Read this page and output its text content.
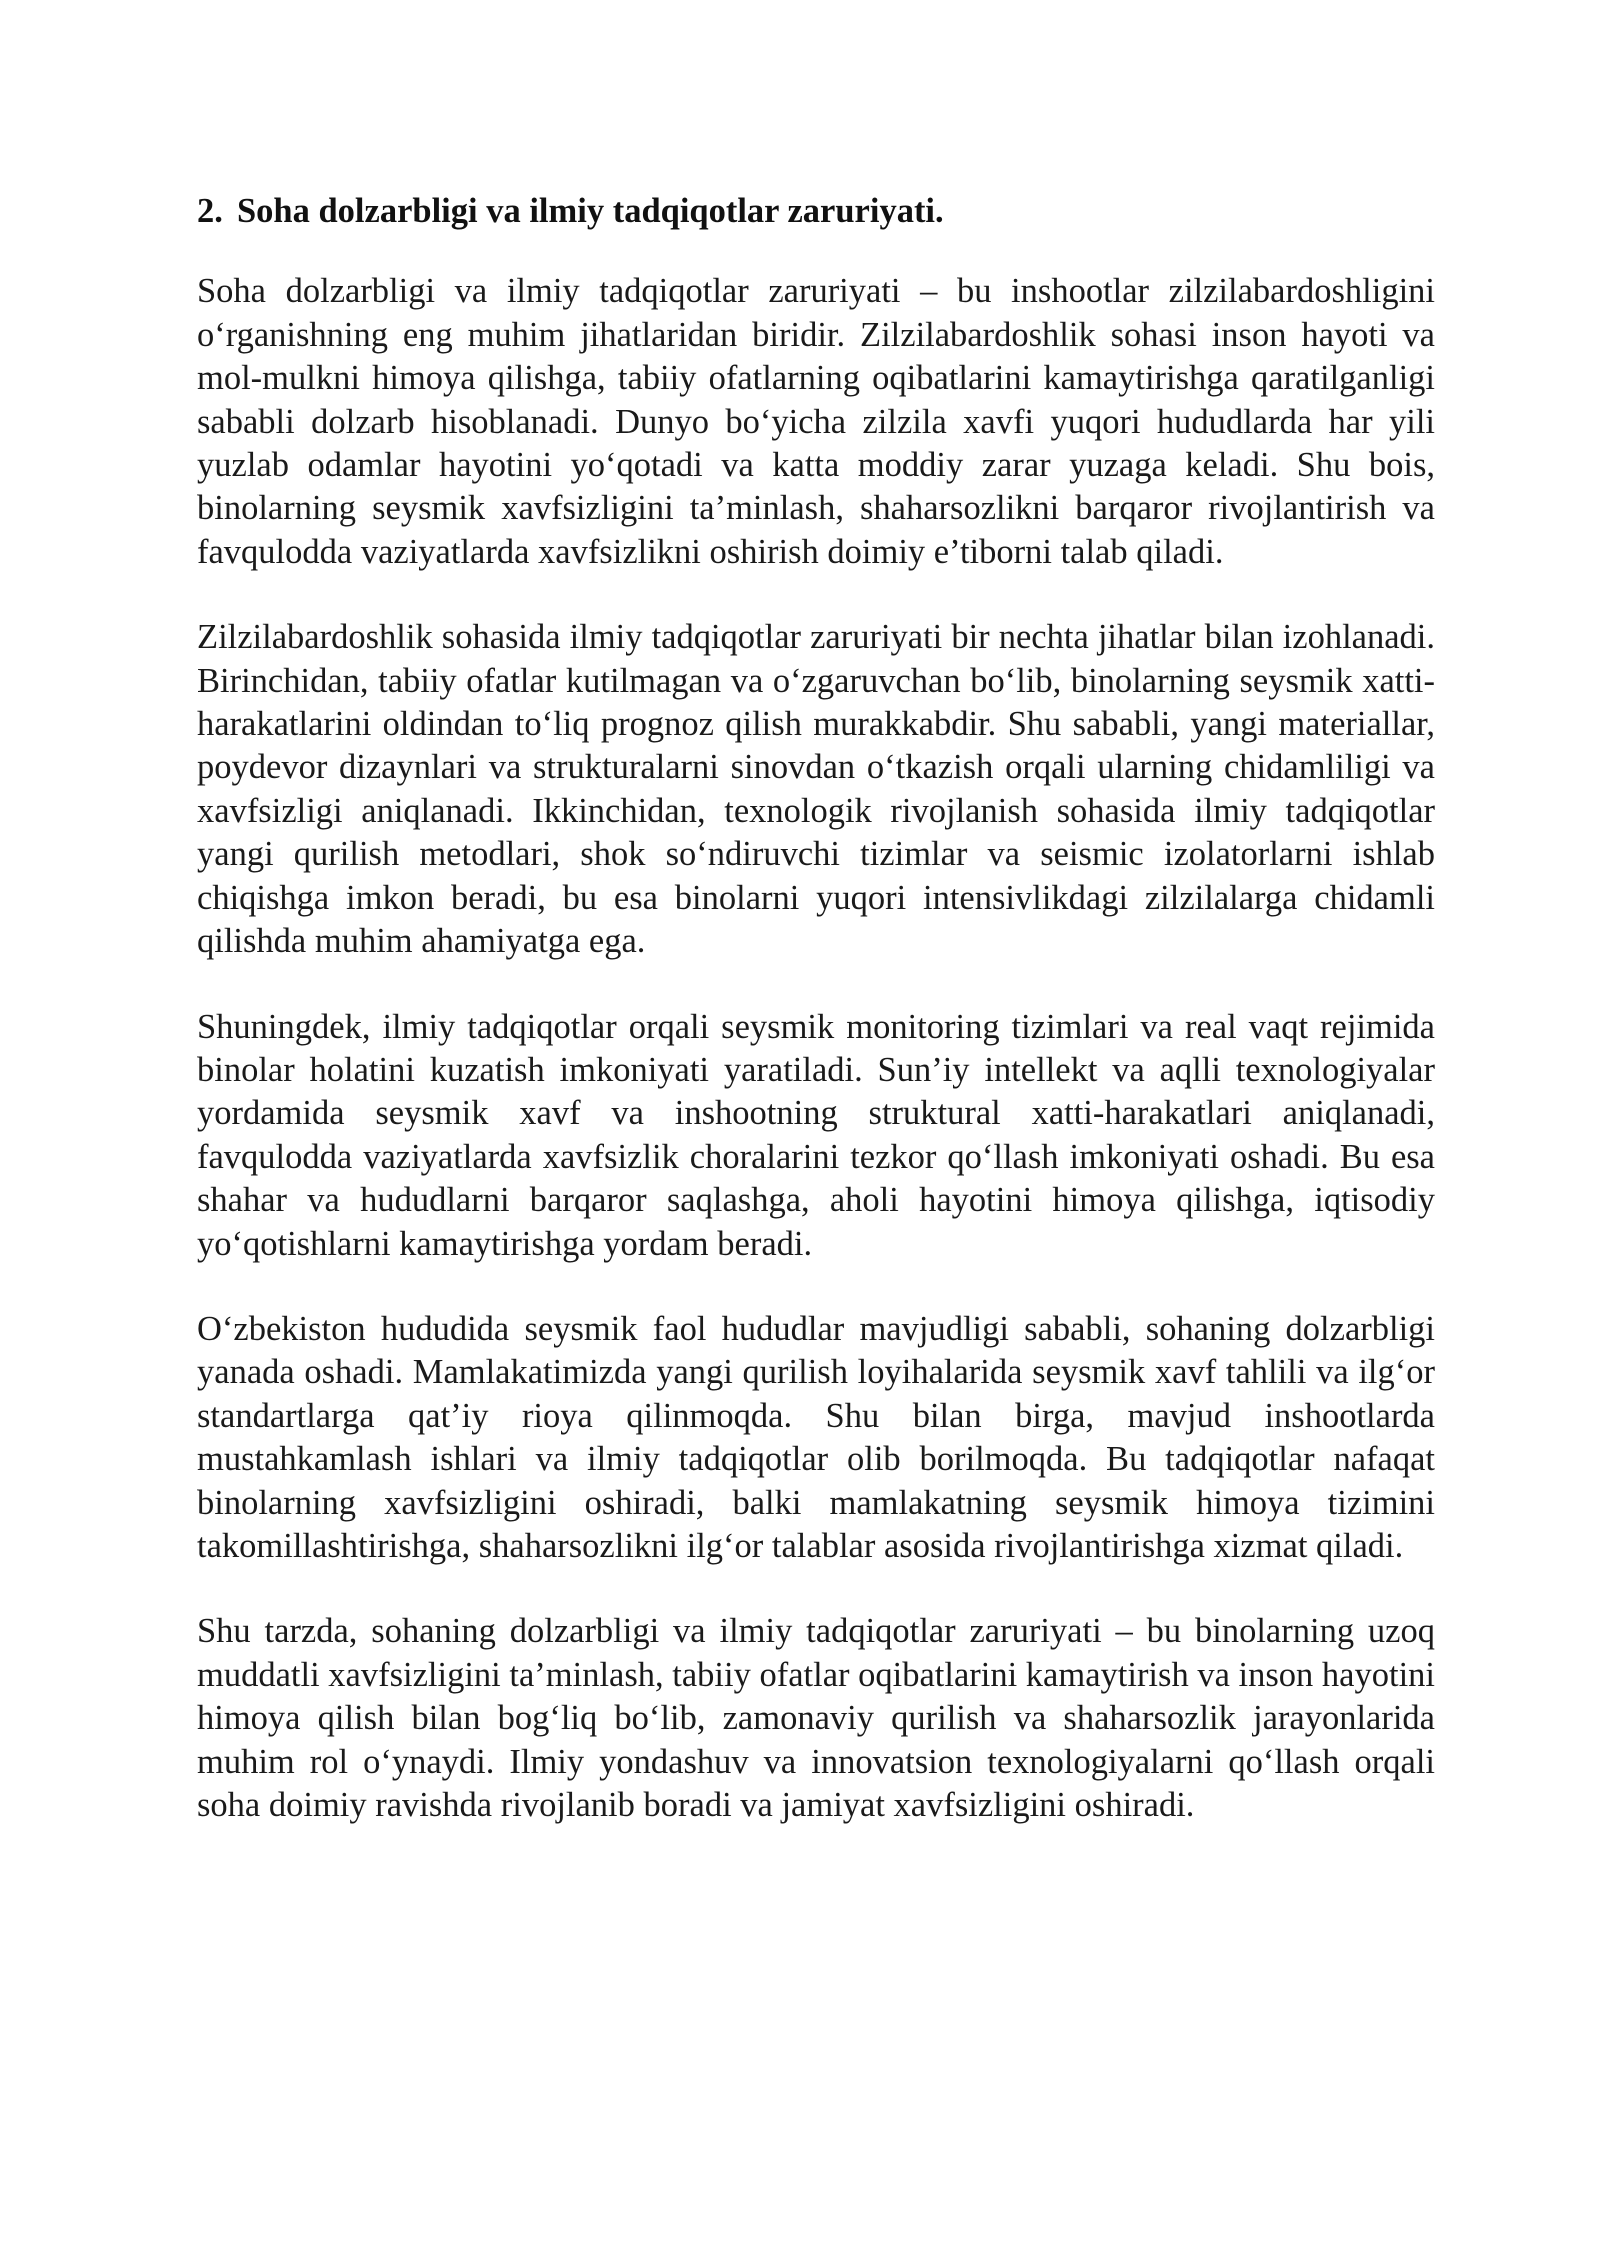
2. Soha dolzarbligi va ilmiy tadqiqotlar zaruriyati.

Soha dolzarbligi va ilmiy tadqiqotlar zaruriyati – bu inshootlar zilzilabardoshligini o‘rganishning eng muhim jihatlaridan biridir. Zilzilabardoshlik sohasi inson hayoti va mol-mulkni himoya qilishga, tabiiy ofatlarning oqibatlarini kamaytirishga qaratilganligi sababli dolzarb hisoblanadi. Dunyo bo‘yicha zilzila xavfi yuqori hududlarda har yili yuzlab odamlar hayotini yo‘qotadi va katta moddiy zarar yuzaga keladi. Shu bois, binolarning seysmik xavfsizligini ta’minlash, shaharsozlikni barqaror rivojlantirish va favqulodda vaziyatlarda xavfsizlikni oshirish doimiy e’tiborni talab qiladi.

Zilzilabardoshlik sohasida ilmiy tadqiqotlar zaruriyati bir nechta jihatlar bilan izohlanadi. Birinchidan, tabiiy ofatlar kutilmagan va o‘zgaruvchan bo‘lib, binolarning seysmik xatti-harakatlarini oldindan to‘liq prognoz qilish murakkabdir. Shu sababli, yangi materiallar, poydevor dizaynlari va strukturalarni sinovdan o‘tkazish orqali ularning chidamliligi va xavfsizligi aniqlanadi. Ikkinchidan, texnologik rivojlanish sohasida ilmiy tadqiqotlar yangi qurilish metodlari, shok so‘ndiruvchi tizimlar va seismic izolatorlarni ishlab chiqishga imkon beradi, bu esa binolarni yuqori intensivlikdagi zilzilalarga chidamli qilishda muhim ahamiyatga ega.

Shuningdek, ilmiy tadqiqotlar orqali seysmik monitoring tizimlari va real vaqt rejimida binolar holatini kuzatish imkoniyati yaratiladi. Sun’iy intellekt va aqlli texnologiyalar yordamida seysmik xavf va inshootning struktural xatti-harakatlari aniqlanadi, favqulodda vaziyatlarda xavfsizlik choralarini tezkor qo‘llash imkoniyati oshadi. Bu esa shahar va hududlarni barqaror saqlashga, aholi hayotini himoya qilishga, iqtisodiy yo‘qotishlarni kamaytirishga yordam beradi.

O‘zbekiston hududida seysmik faol hududlar mavjudligi sababli, sohaning dolzarbligi yanada oshadi. Mamlakatimizda yangi qurilish loyihalarida seysmik xavf tahlili va ilg‘or standartlarga qat’iy rioya qilinmoqda. Shu bilan birga, mavjud inshootlarda mustahkamlash ishlari va ilmiy tadqiqotlar olib borilmoqda. Bu tadqiqotlar nafaqat binolarning xavfsizligini oshiradi, balki mamlakatning seysmik himoya tizimini takomillashtirishga, shaharsozlikni ilg‘or talablar asosida rivojlantirishga xizmat qiladi.

Shu tarzda, sohaning dolzarbligi va ilmiy tadqiqotlar zaruriyati – bu binolarning uzoq muddatli xavfsizligini ta’minlash, tabiiy ofatlar oqibatlarini kamaytirish va inson hayotini himoya qilish bilan bog‘liq bo‘lib, zamonaviy qurilish va shaharsozlik jarayonlarida muhim rol o‘ynaydi. Ilmiy yondashuv va innovatsion texnologiyalarni qo‘llash orqali soha doimiy ravishda rivojlanib boradi va jamiyat xavfsizligini oshiradi.
